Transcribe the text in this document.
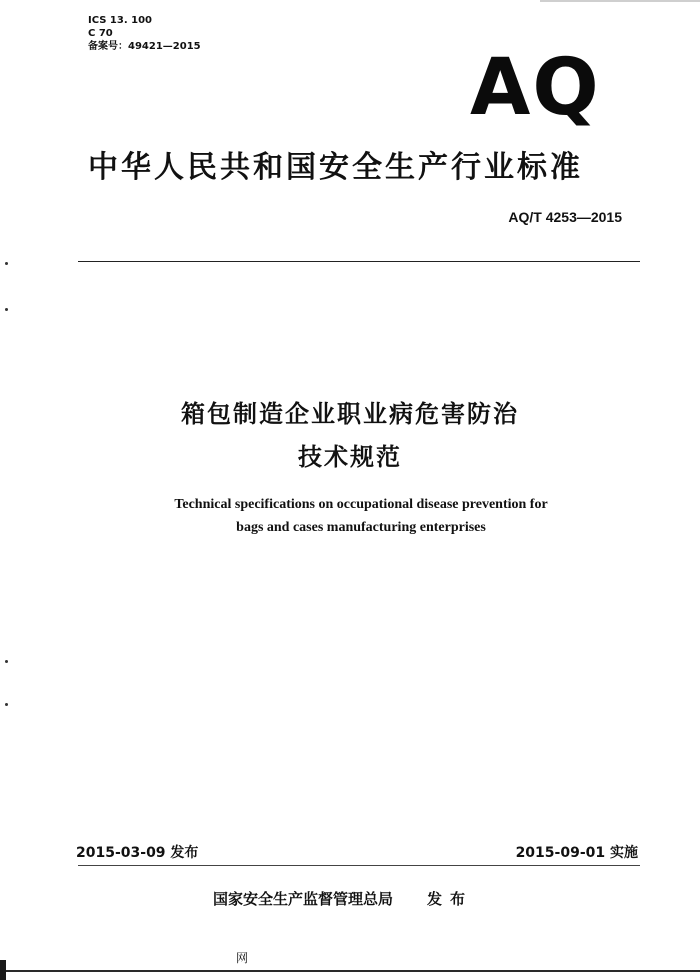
ICS 13. 100
C 70
备案号：49421—2015	AQ
中华人民共和国安全生产行业标准
AQ/T 4253—2015
箱包制造企业职业病危害防治
技术规范
Technical specifications on occupational disease prevention for
bags and cases manufacturing enterprises
2015-03-09 发布	2015-09-01 实施
国家安全生产监督管理总局 发布
网
